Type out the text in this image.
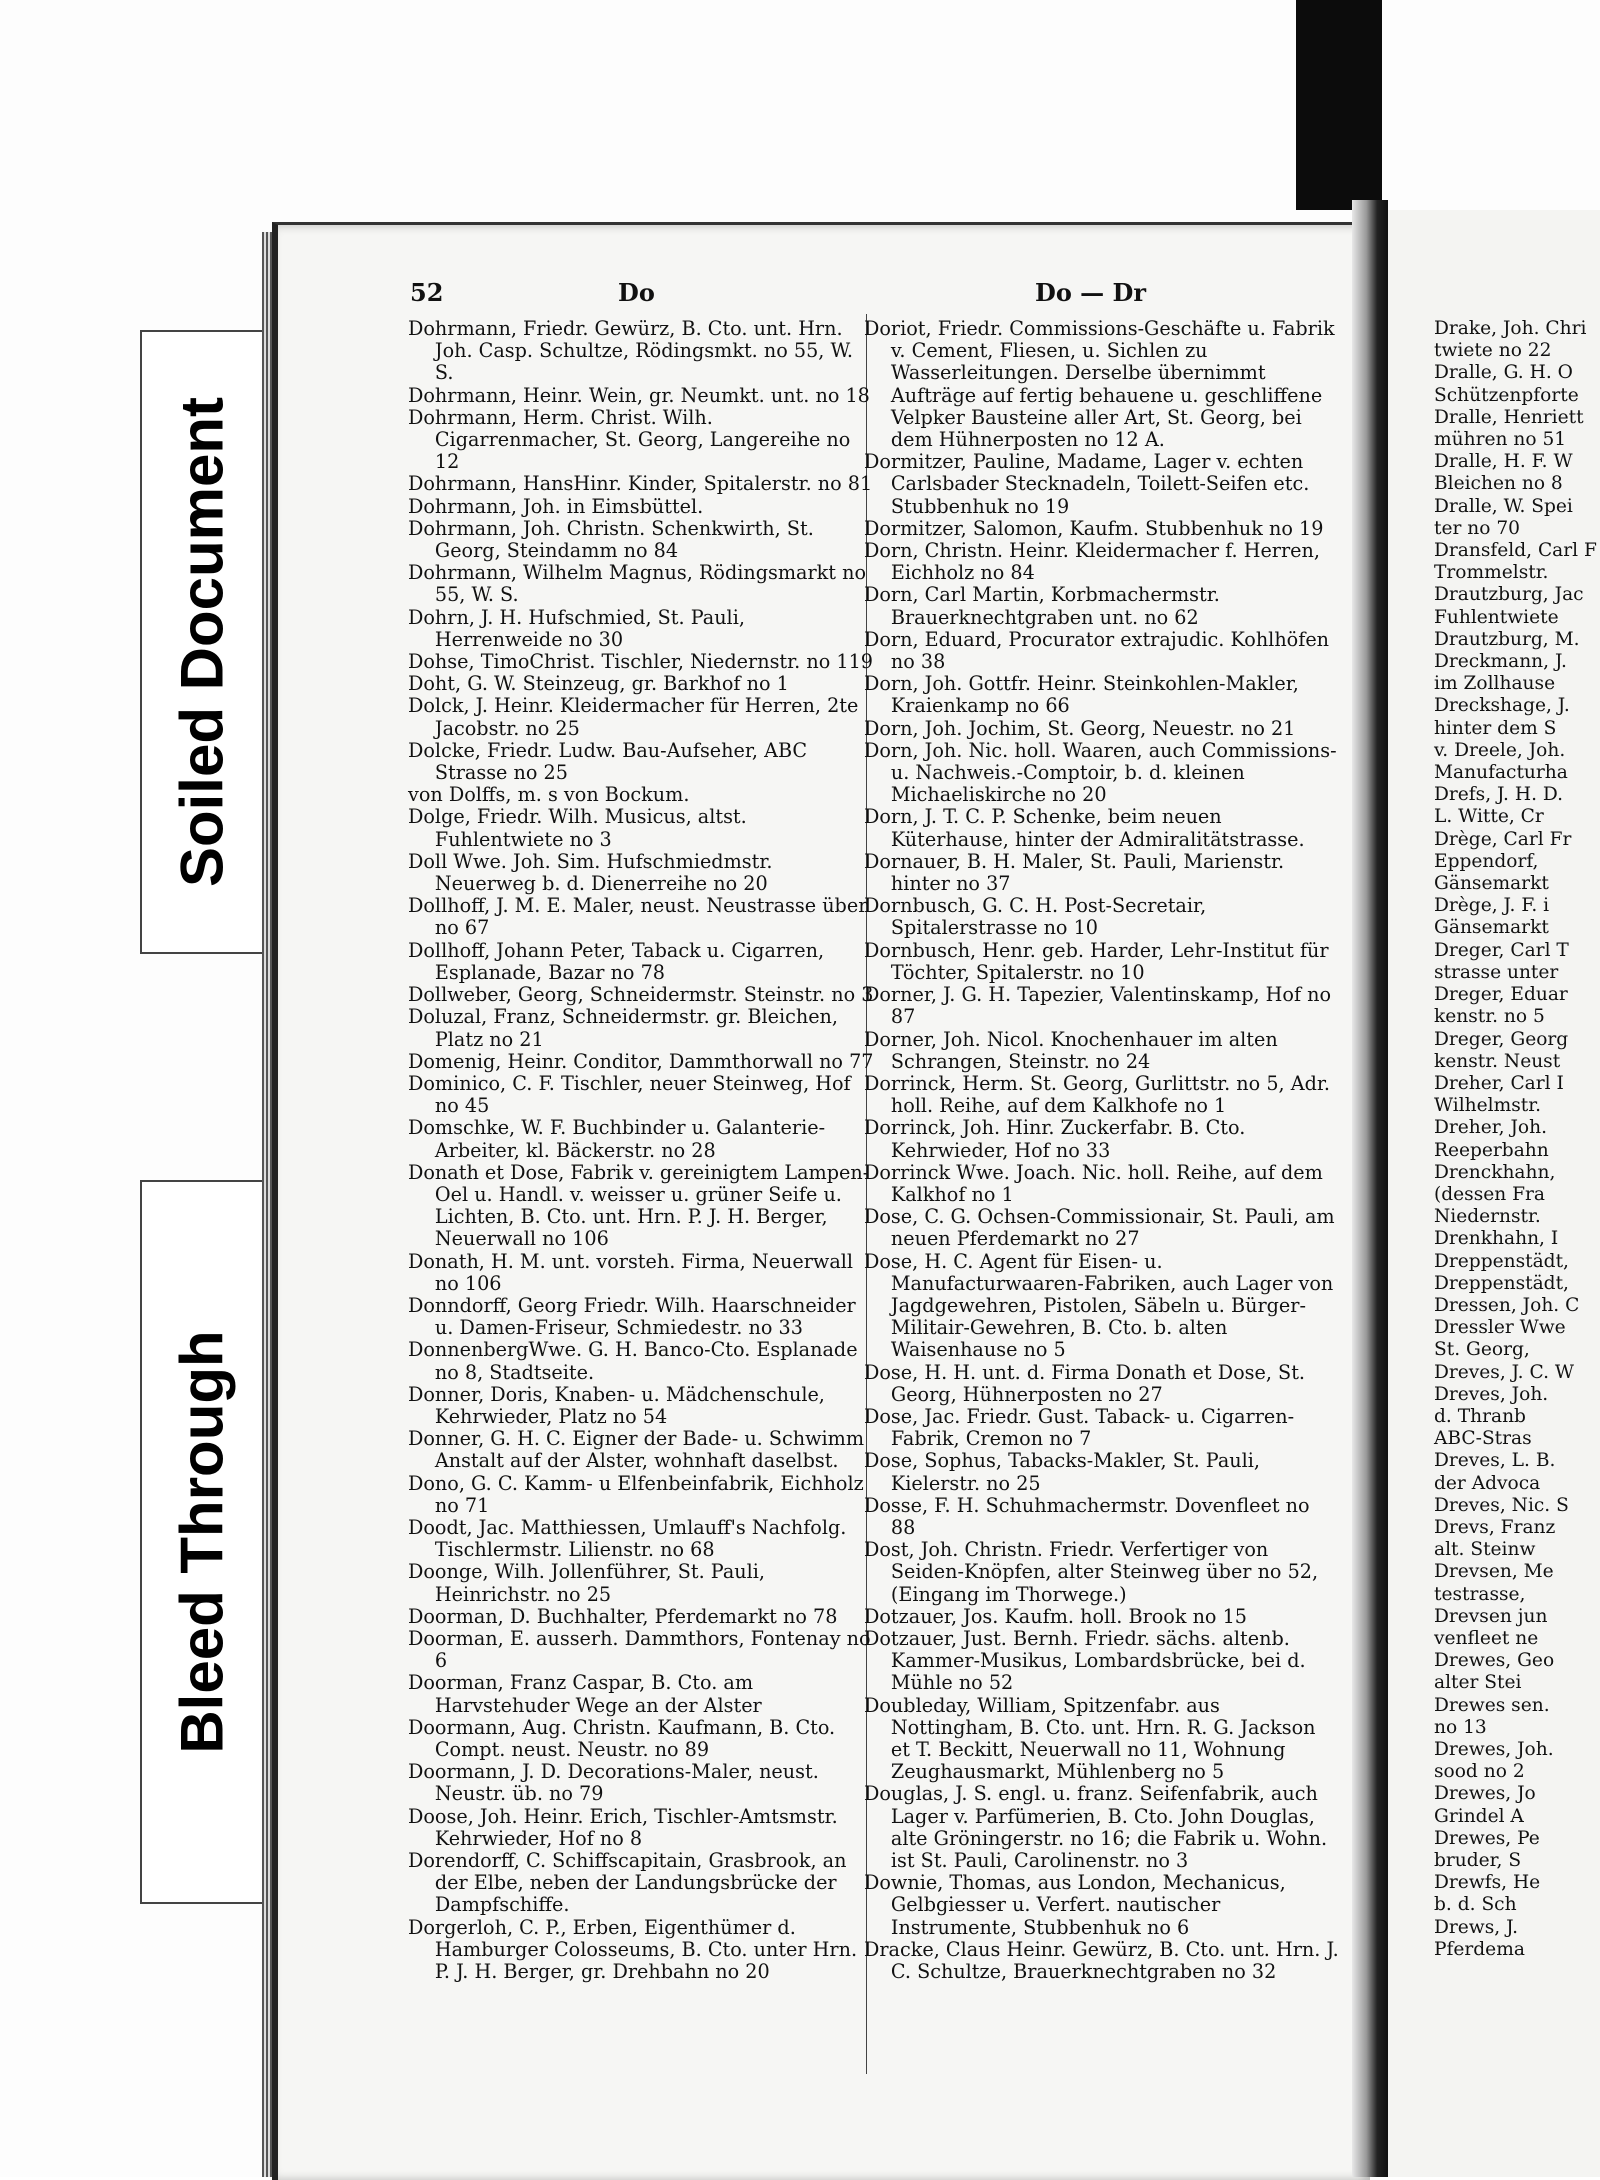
Soiled Document
Bleed Through
52	Do	Do — Dr

Dohrmann, Friedr. Gewürz, B. Cto. unt. Hrn. Joh. Casp. Schultze, Rödingsmkt. no 55, W. S.

Dohrmann, Heinr. Wein, gr. Neumkt. unt. no 18

Dohrmann, Herm. Christ. Wilh. Cigarrenmacher, St. Georg, Langereihe no 12

Dohrmann, HansHinr. Kinder, Spitalerstr. no 81

Dohrmann, Joh. in Eimsbüttel.

Dohrmann, Joh. Christn. Schenkwirth, St. Georg, Steindamm no 84

Dohrmann, Wilhelm Magnus, Rödingsmarkt no 55, W. S.

Dohrn, J. H. Hufschmied, St. Pauli, Herrenweide no 30

Dohse, TimoChrist. Tischler, Niedernstr. no 119

Doht, G. W. Steinzeug, gr. Barkhof no 1

Dolck, J. Heinr. Kleidermacher für Herren, 2te Jacobstr. no 25

Dolcke, Friedr. Ludw. Bau-Aufseher, ABC Strasse no 25

von Dolffs, m. s von Bockum.

Dolge, Friedr. Wilh. Musicus, altst. Fuhlentwiete no 3

Doll Wwe. Joh. Sim. Hufschmiedmstr. Neuerweg b. d. Dienerreihe no 20

Dollhoff, J. M. E. Maler, neust. Neustrasse über no 67

Dollhoff, Johann Peter, Taback u. Cigarren, Esplanade, Bazar no 78

Dollweber, Georg, Schneidermstr. Steinstr. no 3

Doluzal, Franz, Schneidermstr. gr. Bleichen, Platz no 21

Domenig, Heinr. Conditor, Dammthorwall no 77

Dominico, C. F. Tischler, neuer Steinweg, Hof no 45

Domschke, W. F. Buchbinder u. Galanterie-Arbeiter, kl. Bäckerstr. no 28

Donath et Dose, Fabrik v. gereinigtem Lampen-Oel u. Handl. v. weisser u. grüner Seife u. Lichten, B. Cto. unt. Hrn. P. J. H. Berger, Neuerwall no 106

Donath, H. M. unt. vorsteh. Firma, Neuerwall no 106

Donndorff, Georg Friedr. Wilh. Haarschneider u. Damen-Friseur, Schmiedestr. no 33

DonnenbergWwe. G. H. Banco-Cto. Esplanade no 8, Stadtseite.

Donner, Doris, Knaben- u. Mädchenschule, Kehrwieder, Platz no 54

Donner, G. H. C. Eigner der Bade- u. Schwimm Anstalt auf der Alster, wohnhaft daselbst.

Dono, G. C. Kamm- u Elfenbeinfabrik, Eichholz no 71

Doodt, Jac. Matthiessen, Umlauff's Nachfolg. Tischlermstr. Lilienstr. no 68

Doonge, Wilh. Jollenführer, St. Pauli, Heinrichstr. no 25

Doorman, D. Buchhalter, Pferdemarkt no 78

Doorman, E. ausserh. Dammthors, Fontenay no 6

Doorman, Franz Caspar, B. Cto. am Harvstehuder Wege an der Alster

Doormann, Aug. Christn. Kaufmann, B. Cto. Compt. neust. Neustr. no 89

Doormann, J. D. Decorations-Maler, neust. Neustr. üb. no 79

Doose, Joh. Heinr. Erich, Tischler-Amtsmstr. Kehrwieder, Hof no 8

Dorendorff, C. Schiffscapitain, Grasbrook, an der Elbe, neben der Landungsbrücke der Dampfschiffe.

Dorgerloh, C. P., Erben, Eigenthümer d. Hamburger Colosseums, B. Cto. unter Hrn. P. J. H. Berger, gr. Drehbahn no 20

Doriot, Friedr. Commissions-Geschäfte u. Fabrik v. Cement, Fliesen, u. Sichlen zu Wasserleitungen. Derselbe übernimmt Aufträge auf fertig behauene u. geschliffene Velpker Bausteine aller Art, St. Georg, bei dem Hühnerposten no 12 A.

Dormitzer, Pauline, Madame, Lager v. echten Carlsbader Stecknadeln, Toilett-Seifen etc. Stubbenhuk no 19

Dormitzer, Salomon, Kaufm. Stubbenhuk no 19

Dorn, Christn. Heinr. Kleidermacher f. Herren, Eichholz no 84

Dorn, Carl Martin, Korbmachermstr. Brauerknechtgraben unt. no 62

Dorn, Eduard, Procurator extrajudic. Kohlhöfen no 38

Dorn, Joh. Gottfr. Heinr. Steinkohlen-Makler, Kraienkamp no 66

Dorn, Joh. Jochim, St. Georg, Neuestr. no 21

Dorn, Joh. Nic. holl. Waaren, auch Commissions- u. Nachweis.-Comptoir, b. d. kleinen Michaeliskirche no 20

Dorn, J. T. C. P. Schenke, beim neuen Küterhause, hinter der Admiralitätstrasse.

Dornauer, B. H. Maler, St. Pauli, Marienstr. hinter no 37

Dornbusch, G. C. H. Post-Secretair, Spitalerstrasse no 10

Dornbusch, Henr. geb. Harder, Lehr-Institut für Töchter, Spitalerstr. no 10

Dorner, J. G. H. Tapezier, Valentinskamp, Hof no 87

Dorner, Joh. Nicol. Knochenhauer im alten Schrangen, Steinstr. no 24

Dorrinck, Herm. St. Georg, Gurlittstr. no 5, Adr. holl. Reihe, auf dem Kalkhofe no 1

Dorrinck, Joh. Hinr. Zuckerfabr. B. Cto. Kehrwieder, Hof no 33

Dorrinck Wwe. Joach. Nic. holl. Reihe, auf dem Kalkhof no 1

Dose, C. G. Ochsen-Commissionair, St. Pauli, am neuen Pferdemarkt no 27

Dose, H. C. Agent für Eisen- u. Manufacturwaaren-Fabriken, auch Lager von Jagdgewehren, Pistolen, Säbeln u. Bürger-Militair-Gewehren, B. Cto. b. alten Waisenhause no 5

Dose, H. H. unt. d. Firma Donath et Dose, St. Georg, Hühnerposten no 27

Dose, Jac. Friedr. Gust. Taback- u. Cigarren-Fabrik, Cremon no 7

Dose, Sophus, Tabacks-Makler, St. Pauli, Kielerstr. no 25

Dosse, F. H. Schuhmachermstr. Dovenfleet no 88

Dost, Joh. Christn. Friedr. Verfertiger von Seiden-Knöpfen, alter Steinweg über no 52, (Eingang im Thorwege.)

Dotzauer, Jos. Kaufm. holl. Brook no 15

Dotzauer, Just. Bernh. Friedr. sächs. altenb. Kammer-Musikus, Lombardsbrücke, bei d. Mühle no 52

Doubleday, William, Spitzenfabr. aus Nottingham, B. Cto. unt. Hrn. R. G. Jackson et T. Beckitt, Neuerwall no 11, Wohnung Zeughausmarkt, Mühlenberg no 5

Douglas, J. S. engl. u. franz. Seifenfabrik, auch Lager v. Parfümerien, B. Cto. John Douglas, alte Gröningerstr. no 16; die Fabrik u. Wohn. ist St. Pauli, Carolinenstr. no 3

Downie, Thomas, aus London, Mechanicus, Gelbgiesser u. Verfert. nautischer Instrumente, Stubbenhuk no 6

Dracke, Claus Heinr. Gewürz, B. Cto. unt. Hrn. J. C. Schultze, Brauerknechtgraben no 32

Drake, Joh. Chri

twiete no 22

Dralle, G. H. O

Schützenpforte

Dralle, Henriett

mühren no 51

Dralle, H. F. W

Bleichen no 8

Dralle, W. Spei

ter no 70

Dransfeld, Carl F

Trommelstr.

Drautzburg, Jac

Fuhlentwiete

Drautzburg, M.

Dreckmann, J.

im Zollhause

Dreckshage, J.

hinter dem S

v. Dreele, Joh.

Manufacturha

Drefs, J. H. D.

L. Witte, Cr

Drège, Carl Fr

Eppendorf,

Gänsemarkt

Drège, J. F. i

Gänsemarkt

Dreger, Carl T

strasse unter

Dreger, Eduar

kenstr. no 5

Dreger, Georg

kenstr. Neust

Dreher, Carl I

Wilhelmstr.

Dreher, Joh.

Reeperbahn

Drenckhahn,

(dessen Fra

Niedernstr.

Drenkhahn, I

Dreppenstädt,

Dreppenstädt,

Dressen, Joh. C

Dressler Wwe

St. Georg,

Dreves, J. C. W

Dreves, Joh.

d. Thranb

ABC-Stras

Dreves, L. B.

der Advoca

Dreves, Nic. S

Drevs, Franz

alt. Steinw

Drevsen, Me

testrasse,

Drevsen jun

venfleet ne

Drewes, Geo

alter Stei

Drewes sen.

no 13

Drewes, Joh.

sood no 2

Drewes, Jo

Grindel A

Drewes, Pe

bruder, S

Drewfs, He

b. d. Sch

Drews, J.

Pferdema
